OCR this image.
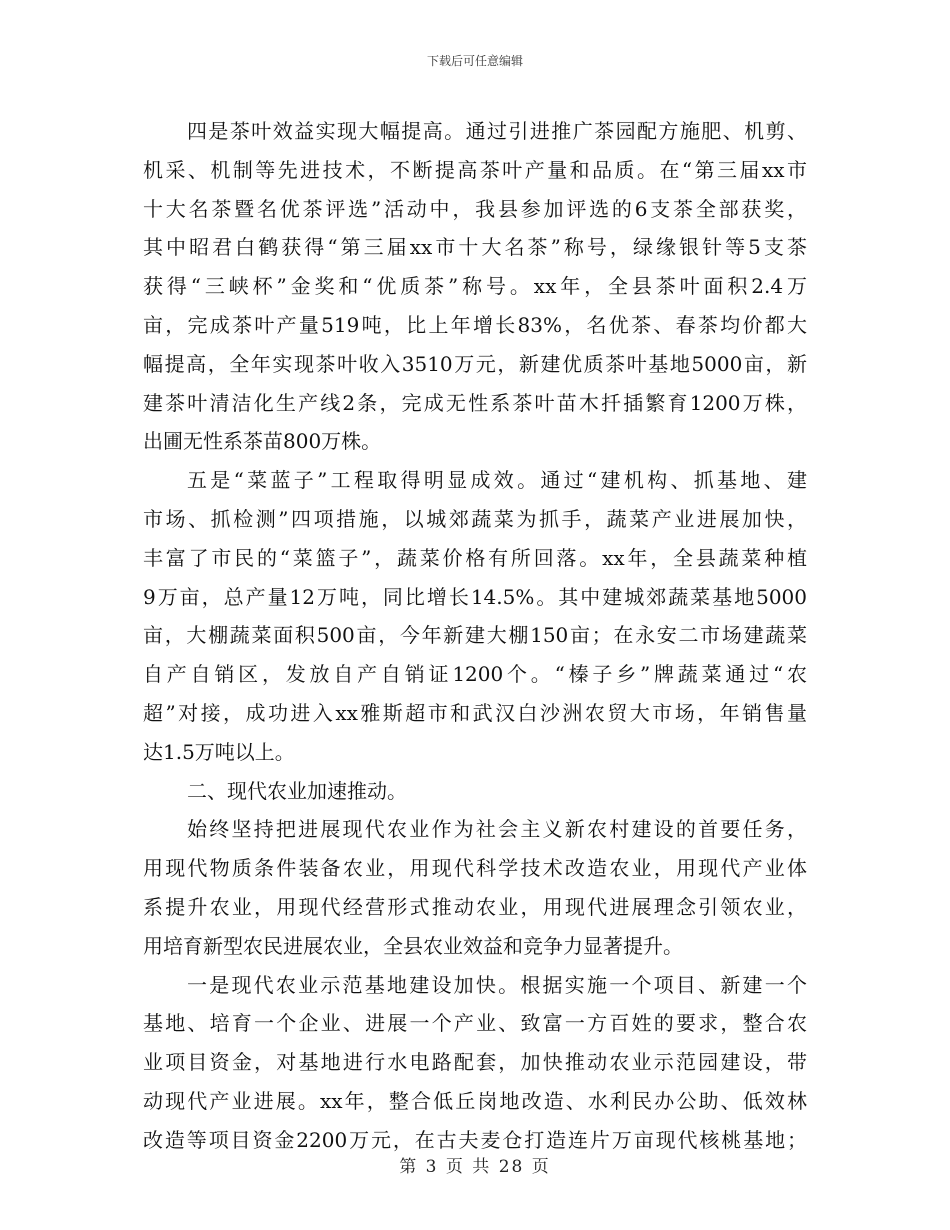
下载后可任意编辑
四是茶叶效益实现大幅提高。通过引进推广茶园配方施肥、机剪、
机采、机制等先进技术，不断提高茶叶产量和品质。在“第三届xx市
十大名茶暨名优茶评选”活动中，我县参加评选的6支茶全部获奖，
其中昭君白鹤获得“第三届xx市十大名茶”称号，绿缘银针等5支茶
获得“三峡杯”金奖和“优质茶”称号。xx年，全县茶叶面积2.4万
亩，完成茶叶产量519吨，比上年增长83%，名优茶、春茶均价都大
幅提高，全年实现茶叶收入3510万元，新建优质茶叶基地5000亩，新
建茶叶清洁化生产线2条，完成无性系茶叶苗木扦插繁育1200万株，
出圃无性系茶苗800万株。
五是“菜蓝子”工程取得明显成效。通过“建机构、抓基地、建
市场、抓检测”四项措施，以城郊蔬菜为抓手，蔬菜产业进展加快，
丰富了市民的“菜篮子”，蔬菜价格有所回落。xx年，全县蔬菜种植
9万亩，总产量12万吨，同比增长14.5%。其中建城郊蔬菜基地5000
亩，大棚蔬菜面积500亩，今年新建大棚150亩；在永安二市场建蔬菜
自产自销区，发放自产自销证1200个。“榛子乡”牌蔬菜通过“农
超”对接，成功进入xx雅斯超市和武汉白沙洲农贸大市场，年销售量
达1.5万吨以上。
二、现代农业加速推动。
始终坚持把进展现代农业作为社会主义新农村建设的首要任务，
用现代物质条件装备农业，用现代科学技术改造农业，用现代产业体
系提升农业，用现代经营形式推动农业，用现代进展理念引领农业，
用培育新型农民进展农业，全县农业效益和竞争力显著提升。
一是现代农业示范基地建设加快。根据实施一个项目、新建一个
基地、培育一个企业、进展一个产业、致富一方百姓的要求，整合农
业项目资金，对基地进行水电路配套，加快推动农业示范园建设，带
动现代产业进展。xx年，整合低丘岗地改造、水利民办公助、低效林
改造等项目资金2200万元，在古夫麦仓打造连片万亩现代核桃基地；
第 3 页 共 28 页
